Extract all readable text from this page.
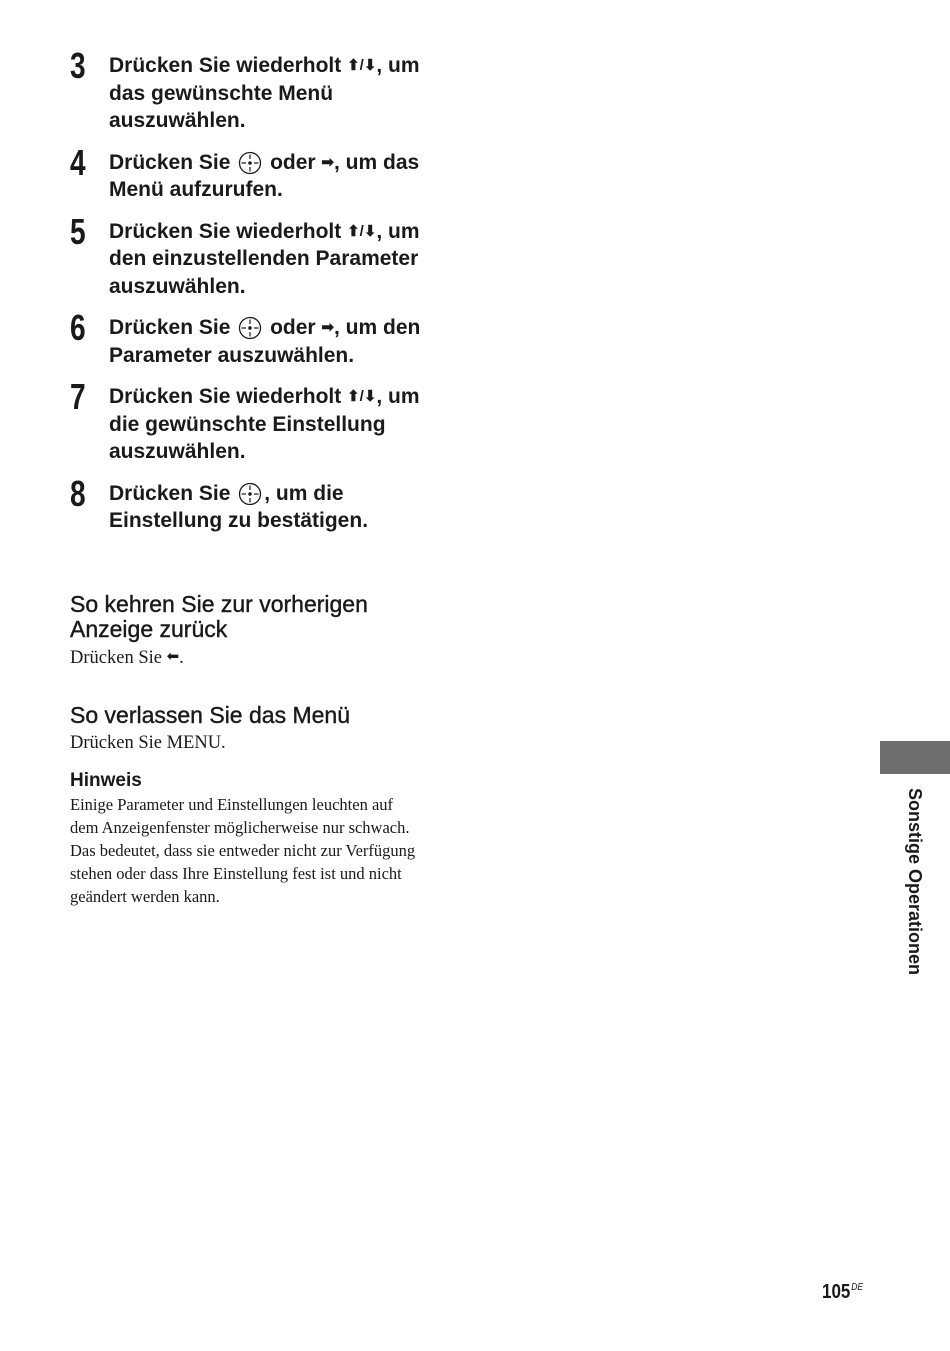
3 Drücken Sie wiederholt ⬆/⬇, um
das gewünschte Menü
auszuwählen.
4 Drücken Sie  oder ➡, um das
Menü aufzurufen.
5 Drücken Sie wiederholt ⬆/⬇, um
den einzustellenden Parameter
auszuwählen.
6 Drücken Sie  oder ➡, um den
Parameter auszuwählen.
7 Drücken Sie wiederholt ⬆/⬇, um
die gewünschte Einstellung
auszuwählen.
8 Drücken Sie , um die
Einstellung zu bestätigen.
So kehren Sie zur vorherigen
Anzeige zurück
Drücken Sie ⬅.
So verlassen Sie das Menü
Drücken Sie MENU.
Hinweis
Einige Parameter und Einstellungen leuchten auf
dem Anzeigenfenster möglicherweise nur schwach.
Das bedeutet, dass sie entweder nicht zur Verfügung
stehen oder dass Ihre Einstellung fest ist und nicht
geändert werden kann.	Sonstige Operationen
105DE
